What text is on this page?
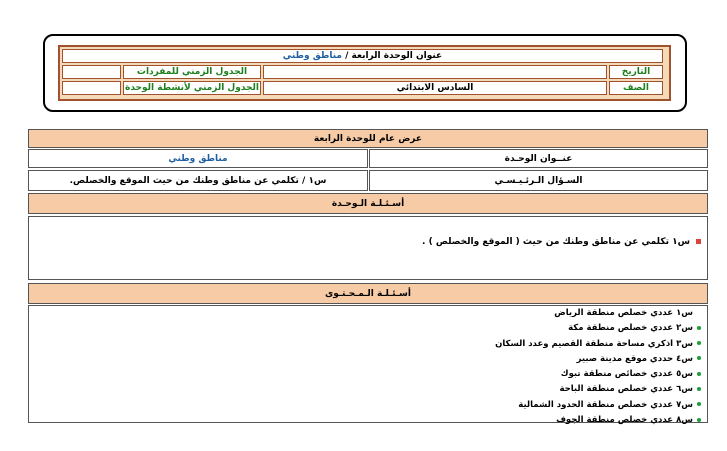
عنوان الوحدة الرابعة / مناطق وطني
التاريخ
الجدول الزمني للمفردات
الصف
السادس الابتدائي
الجدول الزمني لأنشطة الوحدة
عرض عام للوحدة الرابعة
عنــوان الوحـدة
مناطق وطني
السـؤال الـرئـيـسـي
س١ / تكلمي عن مناطق وطنك من حيث الموقع والخصلص.
أسـئـلـة الـوحـدة
س١ تكلمي عن مناطق وطنك من حيث ( الموقع والخصلص ) .
أسـئـلـة الـمـحـتـوى
س١ عددي خصلص منطقة الرياض
س٢ عددي خصلص منطقة مكة
س٣ اذكري مساحة منطقة القصيم وعدد السكان
س٤ حددي موقع مدينة صبير
س٥ عددي خصائص منطقة تبوك
س٦ عددي خصلص منطقة الباحة
س٧ عددي خصلص منطقة الحدود الشمالية
س٨ عددي خصلص منطقة الجوف
